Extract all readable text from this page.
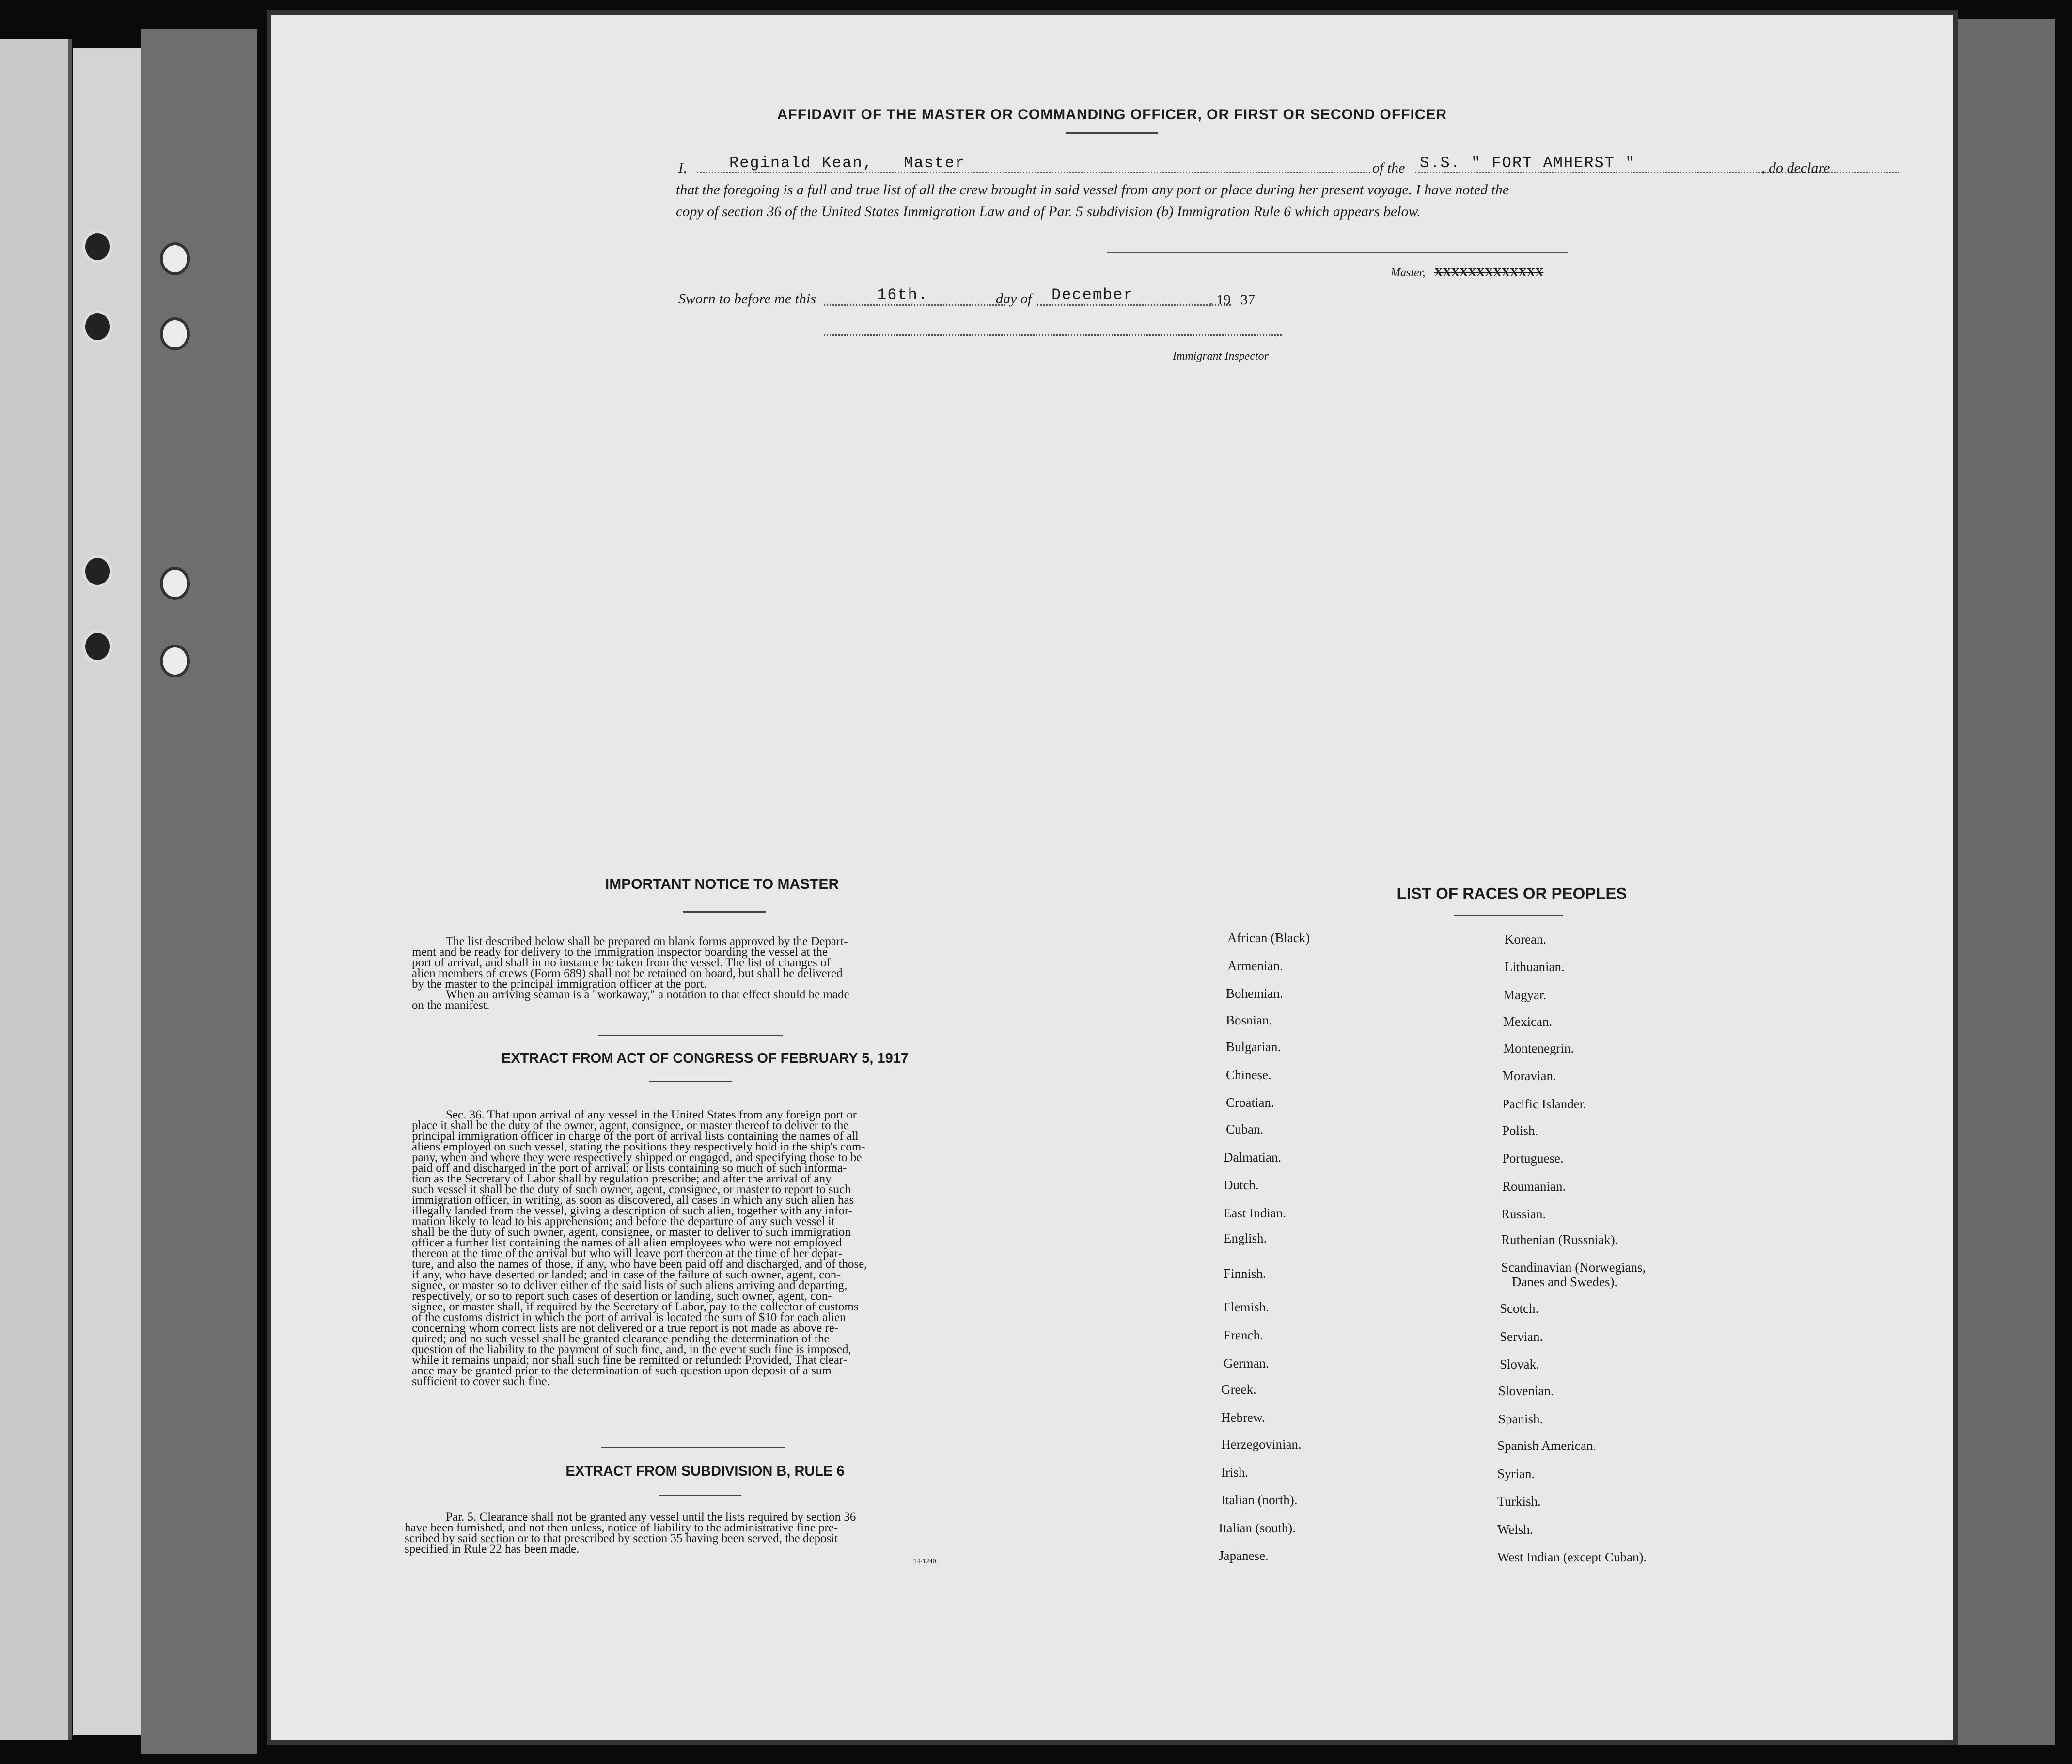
AFFIDAVIT OF THE MASTER OR COMMANDING OFFICER, OR FIRST OR SECOND OFFICER
I,	Reginald Kean, Master	of the S.S. " FORT AMHERST "	, do declare
that the foregoing is a full and true list of all the crew brought in said vessel from any port or place during her present voyage. I have noted the
copy of section 36 of the United States Immigration Law and of Par. 5 subdivision (b) Immigration Rule 6 which appears below.
Master, XXXXXXXXXXXXX
Sworn to before me this	16th.	day of December	, 19 37
Immigrant Inspector
IMPORTANT NOTICE TO MASTER
The list described below shall be prepared on blank forms approved by the Depart-
ment and be ready for delivery to the immigration inspector boarding the vessel at the
port of arrival, and shall in no instance be taken from the vessel. The list of changes of
alien members of crews (Form 689) shall not be retained on board, but shall be delivered
by the master to the principal immigration officer at the port.
When an arriving seaman is a "workaway," a notation to that effect should be made
on the manifest.
EXTRACT FROM ACT OF CONGRESS OF FEBRUARY 5, 1917
Sec. 36. That upon arrival of any vessel in the United States from any foreign port or
place it shall be the duty of the owner, agent, consignee, or master thereof to deliver to the
principal immigration officer in charge of the port of arrival lists containing the names of all
aliens employed on such vessel, stating the positions they respectively hold in the ship's com-
pany, when and where they were respectively shipped or engaged, and specifying those to be
paid off and discharged in the port of arrival; or lists containing so much of such informa-
tion as the Secretary of Labor shall by regulation prescribe; and after the arrival of any
such vessel it shall be the duty of such owner, agent, consignee, or master to report to such
immigration officer, in writing, as soon as discovered, all cases in which any such alien has
illegally landed from the vessel, giving a description of such alien, together with any infor-
mation likely to lead to his apprehension; and before the departure of any such vessel it
shall be the duty of such owner, agent, consignee, or master to deliver to such immigration
officer a further list containing the names of all alien employees who were not employed
thereon at the time of the arrival but who will leave port thereon at the time of her depar-
ture, and also the names of those, if any, who have been paid off and discharged, and of those,
if any, who have deserted or landed; and in case of the failure of such owner, agent, con-
signee, or master so to deliver either of the said lists of such aliens arriving and departing,
respectively, or so to report such cases of desertion or landing, such owner, agent, con-
signee, or master shall, if required by the Secretary of Labor, pay to the collector of customs
of the customs district in which the port of arrival is located the sum of $10 for each alien
concerning whom correct lists are not delivered or a true report is not made as above re-
quired; and no such vessel shall be granted clearance pending the determination of the
question of the liability to the payment of such fine, and, in the event such fine is imposed,
while it remains unpaid; nor shall such fine be remitted or refunded: Provided, That clear-
ance may be granted prior to the determination of such question upon deposit of a sum
sufficient to cover such fine.
EXTRACT FROM SUBDIVISION B, RULE 6
Par. 5. Clearance shall not be granted any vessel until the lists required by section 36
have been furnished, and not then unless, notice of liability to the administrative fine pre-
scribed by said section or to that prescribed by section 35 having been served, the deposit
specified in Rule 22 has been made.
14-1240
LIST OF RACES OR PEOPLES
African (Black)
Armenian.
Bohemian.
Bosnian.
Bulgarian.
Chinese.
Croatian.
Cuban.
Dalmatian.
Dutch.
East Indian.
English.
Finnish.
Flemish.
French.
German.
Greek.
Hebrew.
Herzegovinian.
Irish.
Italian (north).
Italian (south).
Japanese.
Korean.
Lithuanian.
Magyar.
Mexican.
Montenegrin.
Moravian.
Pacific Islander.
Polish.
Portuguese.
Roumanian.
Russian.
Ruthenian (Russniak).
Scandinavian (Norwegians,
Danes and Swedes).
Scotch.
Servian.
Slovak.
Slovenian.
Spanish.
Spanish American.
Syrian.
Turkish.
Welsh.
West Indian (except Cuban).
